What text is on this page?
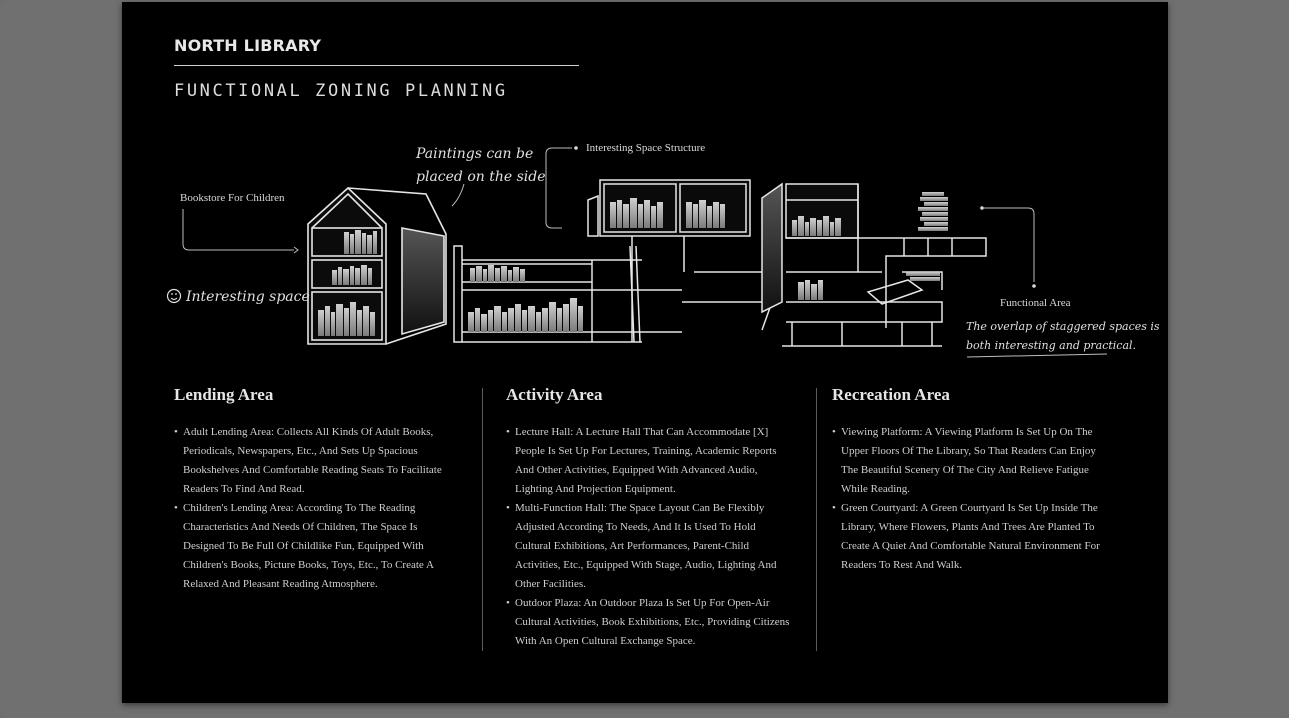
NORTH LIBRARY
FUNCTIONAL ZONING PLANNING
Bookstore For Children
Paintings can be
placed on the side
Interesting Space Structure
Interesting space	Functional Area
The overlap of staggered spaces is
both interesting and practical.
Lending Area
• Adult Lending Area: Collects All Kinds Of Adult Books, Periodicals, Newspapers, Etc., And Sets Up Spacious Bookshelves And Comfortable Reading Seats To Facilitate Readers To Find And Read.
• Children's Lending Area: According To The Reading Characteristics And Needs Of Children, The Space Is Designed To Be Full Of Childlike Fun, Equipped With Children's Books, Picture Books, Toys, Etc., To Create A Relaxed And Pleasant Reading Atmosphere.
Activity Area
• Lecture Hall: A Lecture Hall That Can Accommodate [X] People Is Set Up For Lectures, Training, Academic Reports And Other Activities, Equipped With Advanced Audio, Lighting And Projection Equipment.
• Multi-Function Hall: The Space Layout Can Be Flexibly Adjusted According To Needs, And It Is Used To Hold Cultural Exhibitions, Art Performances, Parent-Child Activities, Etc., Equipped With Stage, Audio, Lighting And Other Facilities.
• Outdoor Plaza: An Outdoor Plaza Is Set Up For Open-Air Cultural Activities, Book Exhibitions, Etc., Providing Citizens With An Open Cultural Exchange Space.
Recreation Area
• Viewing Platform: A Viewing Platform Is Set Up On The Upper Floors Of The Library, So That Readers Can Enjoy The Beautiful Scenery Of The City And Relieve Fatigue While Reading.
• Green Courtyard: A Green Courtyard Is Set Up Inside The Library, Where Flowers, Plants And Trees Are Planted To Create A Quiet And Comfortable Natural Environment For Readers To Rest And Walk.
